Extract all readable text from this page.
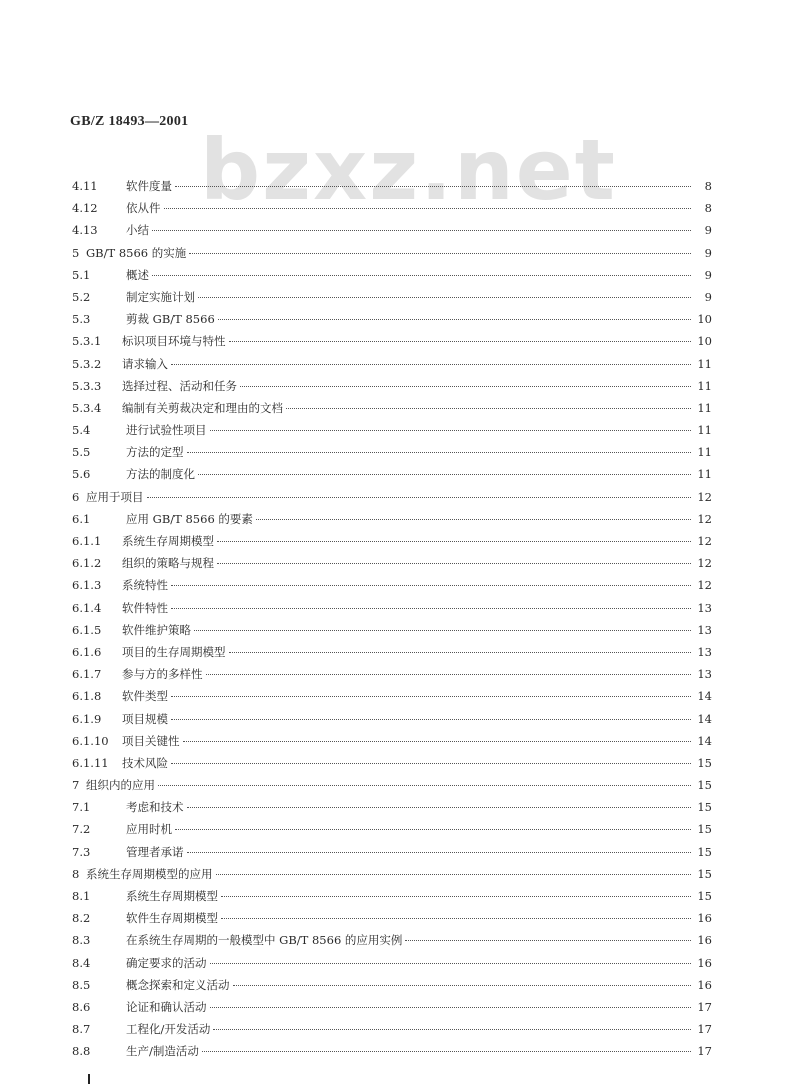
GB/Z 18493—2001 bzxz.net
4.11	软件度量	8
4.12	依从件	8
4.13	小结	9
5 GB/T 8566 的实施	9
5.1	概述	9
5.2	制定实施计划	9
5.3	剪裁 GB/T 8566	10
5.3.1	标识项目环境与特性	10
5.3.2	请求输入	11
5.3.3	选择过程、活动和任务	11
5.3.4	编制有关剪裁决定和理由的文档	11
5.4	进行试验性项目	11
5.5	方法的定型	11
5.6	方法的制度化	11
6 应用于项目	12
6.1	应用 GB/T 8566 的要素	12
6.1.1	系统生存周期模型	12
6.1.2	组织的策略与规程	12
6.1.3	系统特性	12
6.1.4	软件特性	13
6.1.5	软件维护策略	13
6.1.6	项目的生存周期模型	13
6.1.7	参与方的多样性	13
6.1.8	软件类型	14
6.1.9	项目规模	14
6.1.10	项目关键性	14
6.1.11	技术风险	15
7 组织内的应用	15
7.1	考虑和技术	15
7.2	应用时机	15
7.3	管理者承诺	15
8 系统生存周期模型的应用	15
8.1	系统生存周期模型	15
8.2	软件生存周期模型	16
8.3	在系统生存周期的一般模型中 GB/T 8566 的应用实例	16
8.4	确定要求的活动	16
8.5	概念探索和定义活动	16
8.6	论证和确认活动	17
8.7	工程化/开发活动	17
8.8	生产/制造活动	17
